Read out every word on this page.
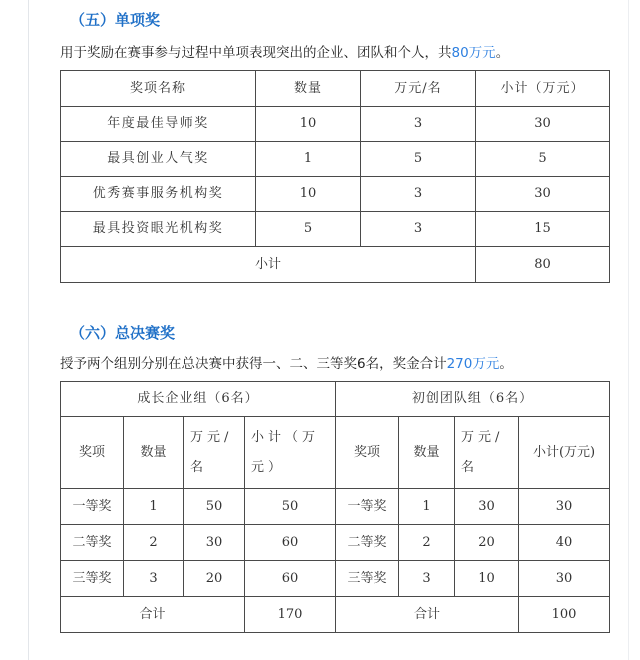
（五）单项奖

用于奖励在赛事参与过程中单项表现突出的企业、团队和个人，共80万元。

奖项名称	数量	万元/名	小计（万元）
年度最佳导师奖	10	3	30
最具创业人气奖	1	5	5
优秀赛事服务机构奖	10	3	30
最具投资眼光机构奖	5	3	15
小计			80
（六）总决赛奖

授予两个组别分别在总决赛中获得一、二、三等奖6名，奖金合计270万元。

成长企业组（6名）				初创团队组（6名）			
奖项	数量	万元/名	小计（万元）	奖项	数量	万元/名	小计(万元)
一等奖	1	50	50	一等奖	1	30	30
二等奖	2	30	60	二等奖	2	20	40
三等奖	3	20	60	三等奖	3	10	30
合计			170	合计			100
